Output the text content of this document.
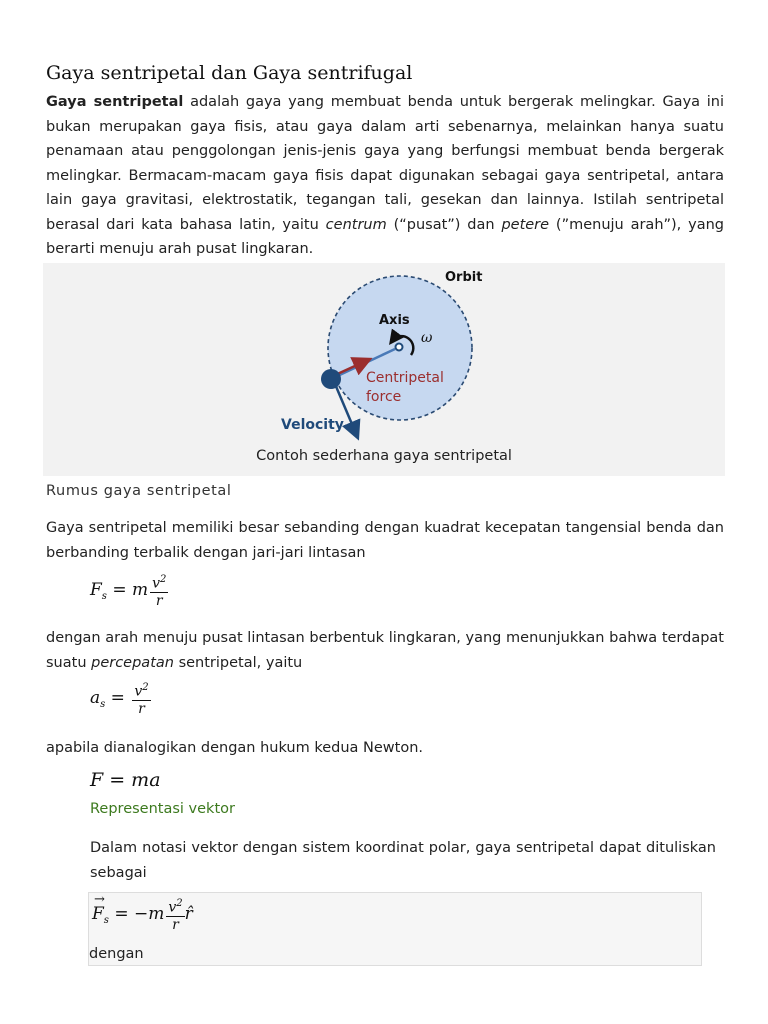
Gaya sentripetal dan Gaya sentrifugal
Gaya sentripetal adalah gaya yang membuat benda untuk bergerak melingkar. Gaya ini bukan merupakan gaya fisis, atau gaya dalam arti sebenarnya, melainkan hanya suatu penamaan atau penggolongan jenis-jenis gaya yang berfungsi membuat benda bergerak melingkar. Bermacam-macam gaya fisis dapat digunakan sebagai gaya sentripetal, antara lain gaya gravitasi, elektrostatik, tegangan tali, gesekan dan lainnya. Istilah sentripetal berasal dari kata bahasa latin, yaitu centrum (“pusat”) dan petere (”menuju arah”), yang berarti menuju arah pusat lingkaran.
Orbit
Axis
ω
Centripetal
force
Velocity
Contoh sederhana gaya sentripetal
Rumus gaya sentripetal
Gaya sentripetal memiliki besar sebanding dengan kuadrat kecepatan tangensial benda dan berbanding terbalik dengan jari-jari lintasan
$F_s = m \frac{v^2}{r}$
dengan arah menuju pusat lintasan berbentuk lingkaran, yang menunjukkan bahwa terdapat suatu percepatan sentripetal, yaitu
$a_s = \frac{v^2}{r}$
apabila dianalogikan dengan hukum kedua Newton.
F = ma
Representasi vektor
Dalam notasi vektor dengan sistem koordinat polar, gaya sentripetal dapat dituliskan sebagai
→
$F_s = -m \frac{v^2}{r}$ r̂
dengan
